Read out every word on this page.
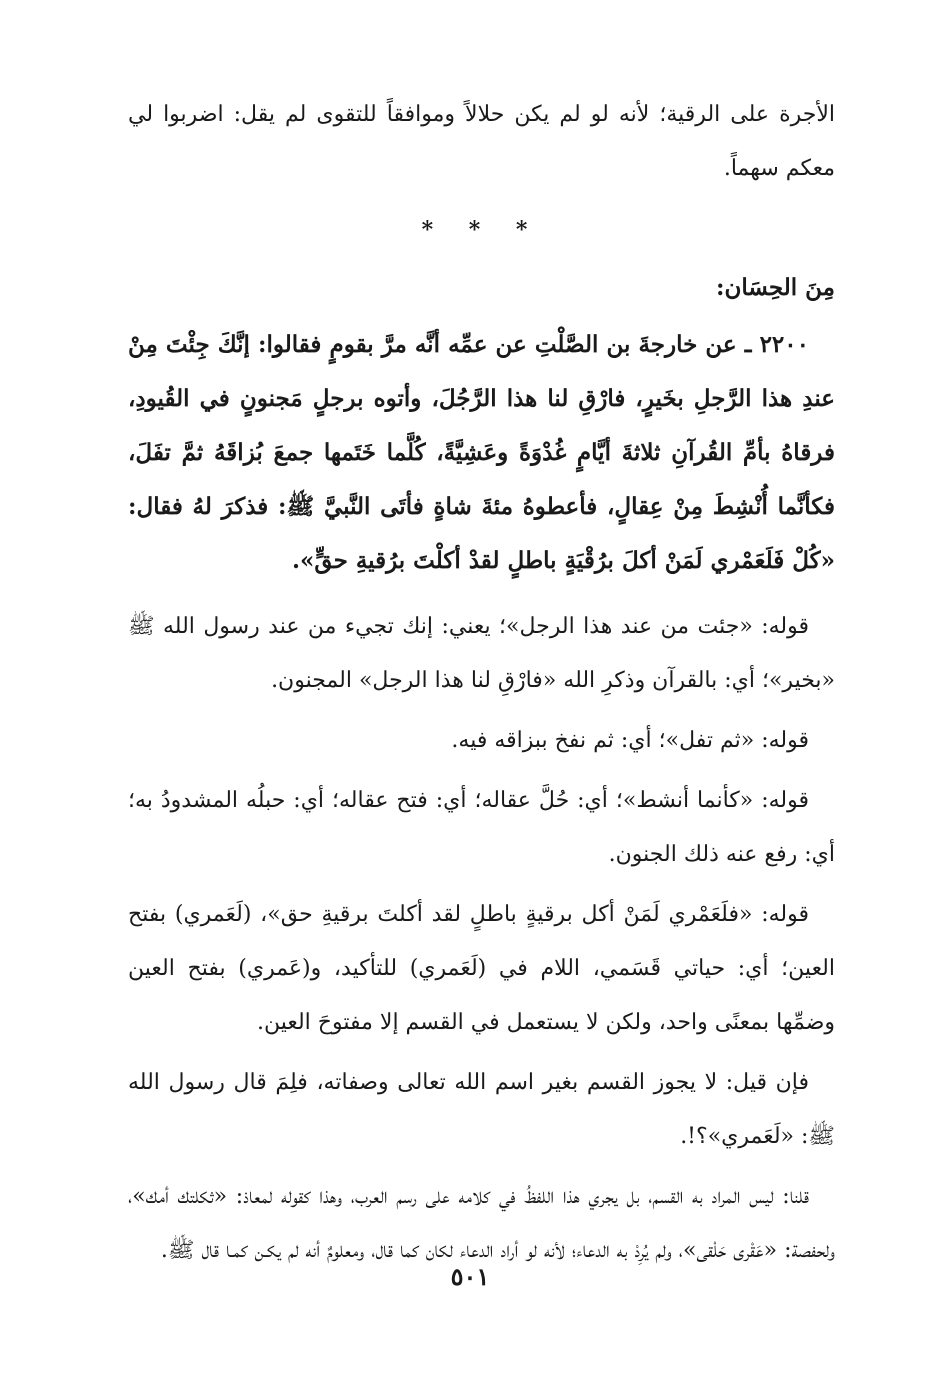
الأجرة على الرقية؛ لأنه لو لم يكن حلالاً وموافقاً للتقوى لم يقل: اضربوا لي معكم سهماً.

* * *

مِنَ الحِسَان:

٢٢٠٠ ـ عن خارجةَ بن الصَّلْتِ عن عمِّه أنَّه مرَّ بقومٍ فقالوا: إنَّكَ جِئْتَ مِنْ عندِ هذا الرَّجلِ بخَيرٍ، فارْقِ لنا هذا الرَّجُلَ، وأتوه برجلٍ مَجنونٍ في القُيودِ، فرقاهُ بأمِّ القُرآنِ ثلاثةَ أيَّامٍ غُدْوَةً وعَشِيَّةً، كُلَّما خَتَمها جمعَ بُزاقَهُ ثمَّ تفَلَ، فكأنَّما أُنْشِطَ مِنْ عِقالٍ، فأعطوهُ مئةَ شاةٍ فأتَى النَّبيَّ ﷺ: فذكرَ لهُ فقال: «كُلْ فَلَعَمْري لَمَنْ أكلَ برُقْيَةٍ باطلٍ لقدْ أكلْتَ برُقيةِ حقٍّ».

قوله: «جئت من عند هذا الرجل»؛ يعني: إنك تجيء من عند رسول الله ﷺ «بخير»؛ أي: بالقرآن وذكرِ الله «فارْقِ لنا هذا الرجل» المجنون.

قوله: «ثم تفل»؛ أي: ثم نفخ ببزاقه فيه.

قوله: «كأنما أنشط»؛ أي: حُلَّ عقاله؛ أي: فتح عقاله؛ أي: حبلُه المشدودُ به؛ أي: رفع عنه ذلك الجنون.

قوله: «فلَعَمْري لَمَنْ أكل برقيةٍ باطلٍ لقد أكلتَ برقيةِ حق»، (لَعَمري) بفتح العين؛ أي: حياتي قَسَمي، اللام في (لَعَمري) للتأكيد، و(عَمري) بفتح العين وضمِّها بمعنًى واحد، ولكن لا يستعمل في القسم إلا مفتوحَ العين.

فإن قيل: لا يجوز القسم بغير اسم الله تعالى وصفاته، فلِمَ قال رسول الله ﷺ: «لَعَمري»؟!.

قلنا: ليس المراد به القسم، بل يجري هذا اللفظُ في كلامه على رسم العرب، وهذا كقوله لمعاذ: «ثكلتك أمك»، ولحفصة: «عَقْرى حَلْقى»، ولم يُرِدْ به الدعاء؛ لأنه لو أراد الدعاء لكان كما قال، ومعلومٌ أنه لم يكـن كمـا قال ﷺ.

٥٠١
